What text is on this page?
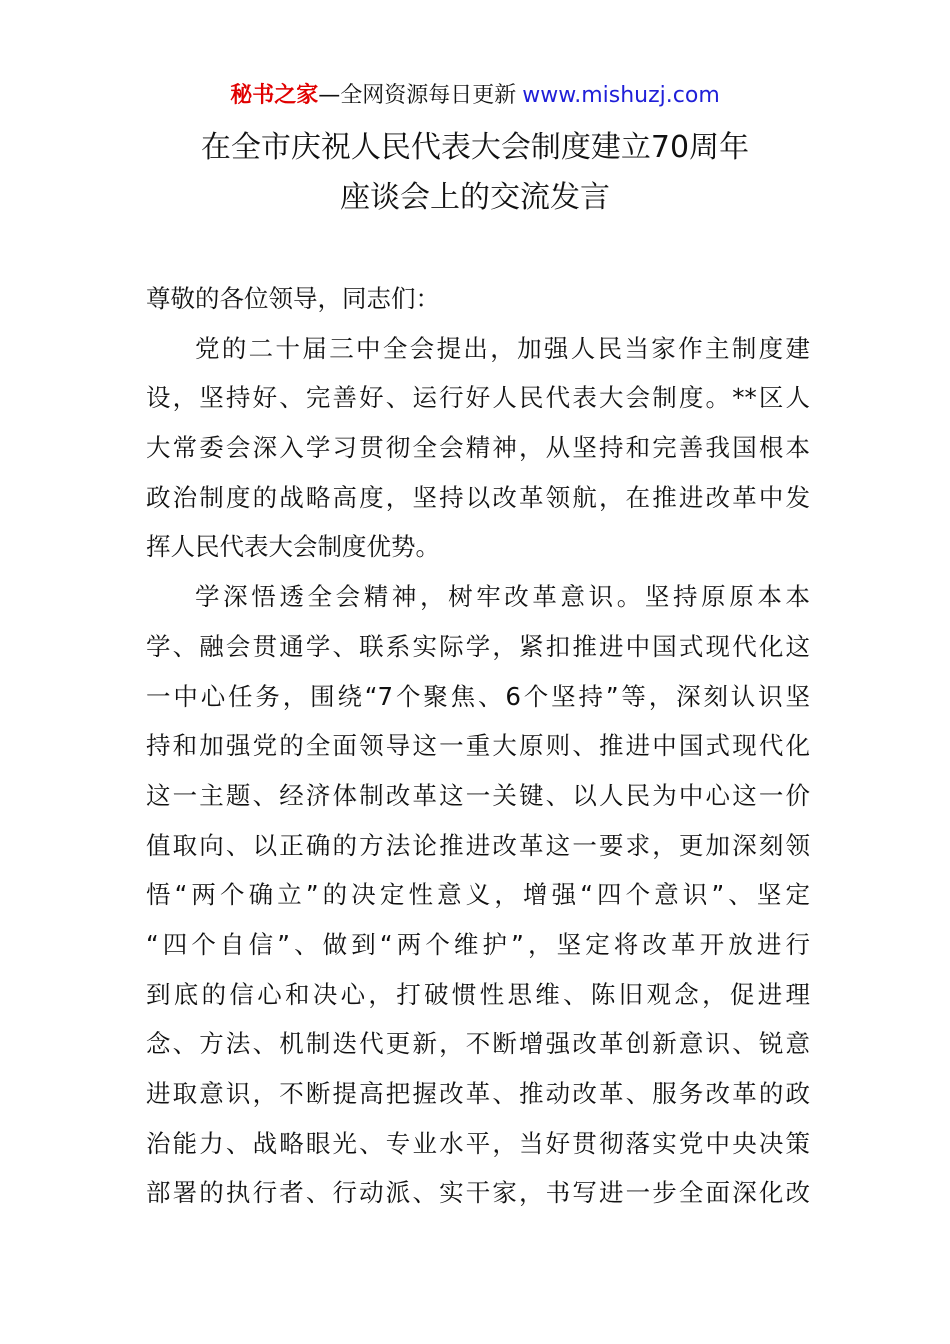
秘书之家—全网资源每日更新 www.mishuzj.com
在全市庆祝人民代表大会制度建立70周年
座谈会上的交流发言
尊敬的各位领导，同志们：
党的二十届三中全会提出，加强人民当家作主制度建
设，坚持好、完善好、运行好人民代表大会制度。**区人
大常委会深入学习贯彻全会精神，从坚持和完善我国根本
政治制度的战略高度，坚持以改革领航，在推进改革中发
挥人民代表大会制度优势。
学深悟透全会精神，树牢改革意识。坚持原原本本
学、融会贯通学、联系实际学，紧扣推进中国式现代化这
一中心任务，围绕“7个聚焦、6个坚持”等，深刻认识坚
持和加强党的全面领导这一重大原则、推进中国式现代化
这一主题、经济体制改革这一关键、以人民为中心这一价
值取向、以正确的方法论推进改革这一要求，更加深刻领
悟“两个确立”的决定性意义，增强“四个意识”、坚定
“四个自信”、做到“两个维护”，坚定将改革开放进行
到底的信心和决心，打破惯性思维、陈旧观念，促进理
念、方法、机制迭代更新，不断增强改革创新意识、锐意
进取意识，不断提高把握改革、推动改革、服务改革的政
治能力、战略眼光、专业水平，当好贯彻落实党中央决策
部署的执行者、行动派、实干家，书写进一步全面深化改
